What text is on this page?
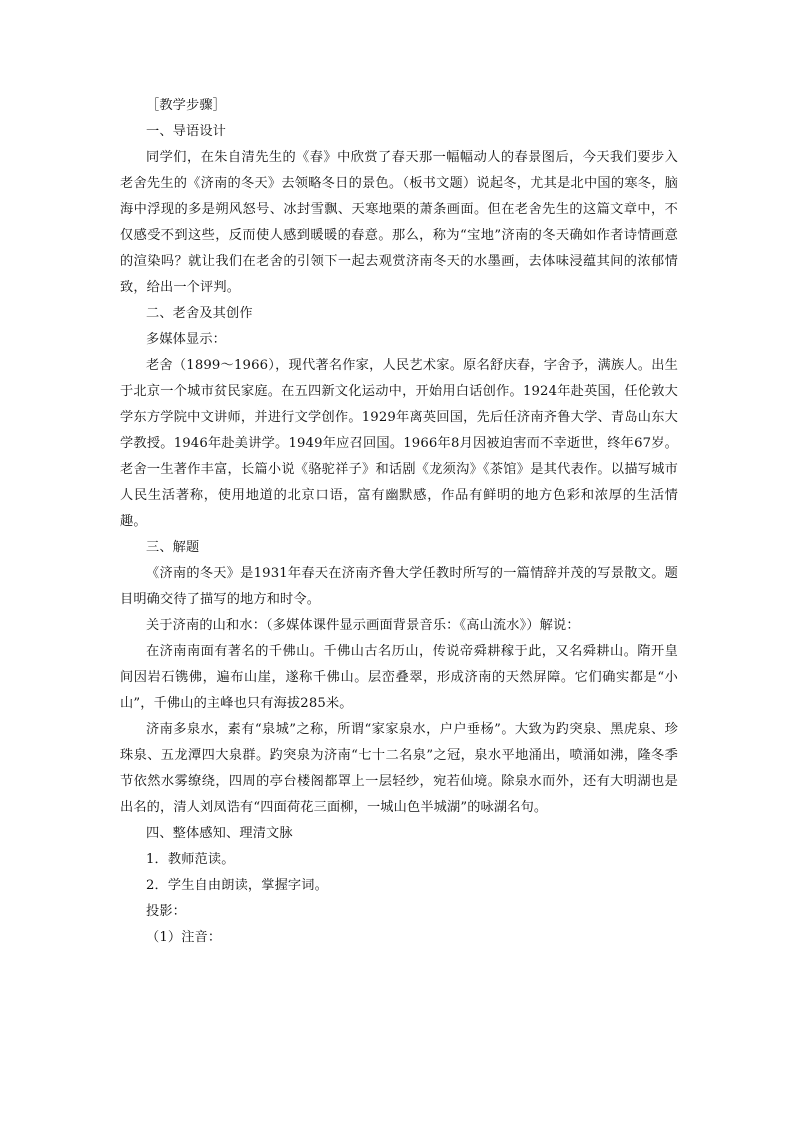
［教学步骤］

一、导语设计

同学们，在朱自清先生的《春》中欣赏了春天那一幅幅动人的春景图后，今天我们要步入老舍先生的《济南的冬天》去领略冬日的景色。（板书文题）说起冬，尤其是北中国的寒冬，脑海中浮现的多是朔风怒号、冰封雪飘、天寒地栗的萧条画面。但在老舍先生的这篇文章中，不仅感受不到这些，反而使人感到暖暖的春意。那么，称为“宝地”济南的冬天确如作者诗情画意的渲染吗？就让我们在老舍的引领下一起去观赏济南冬天的水墨画，去体味浸蕴其间的浓郁情致，给出一个评判。

二、老舍及其创作

多媒体显示：

老舍（1899～1966），现代著名作家，人民艺术家。原名舒庆春，字舍予，满族人。出生于北京一个城市贫民家庭。在五四新文化运动中，开始用白话创作。1924年赴英国，任伦敦大学东方学院中文讲师，并进行文学创作。1929年离英回国，先后任济南齐鲁大学、青岛山东大学教授。1946年赴美讲学。1949年应召回国。1966年8月因被迫害而不幸逝世，终年67岁。老舍一生著作丰富，长篇小说《骆驼祥子》和话剧《龙须沟》《茶馆》是其代表作。以描写城市人民生活著称，使用地道的北京口语，富有幽默感，作品有鲜明的地方色彩和浓厚的生活情趣。

三、解题

《济南的冬天》是1931年春天在济南齐鲁大学任教时所写的一篇情辞并茂的写景散文。题目明确交待了描写的地方和时令。

关于济南的山和水：（多媒体课件显示画面背景音乐：《高山流水》）解说：

在济南南面有著名的千佛山。千佛山古名历山，传说帝舜耕稼于此，又名舜耕山。隋开皇间因岩石镌佛，遍布山崖，遂称千佛山。层峦叠翠，形成济南的天然屏障。它们确实都是“小山”，千佛山的主峰也只有海拔285米。

济南多泉水，素有“泉城”之称，所谓“家家泉水，户户垂杨”。大致为趵突泉、黑虎泉、珍珠泉、五龙潭四大泉群。趵突泉为济南“七十二名泉”之冠，泉水平地涌出，喷涌如沸，隆冬季节依然水雾缭绕，四周的亭台楼阁都罩上一层轻纱，宛若仙境。除泉水而外，还有大明湖也是出名的，清人刘凤诰有“四面荷花三面柳，一城山色半城湖”的咏湖名句。

四、整体感知、理清文脉

1．教师范读。

2．学生自由朗读，掌握字词。

投影：

（1）注音：
